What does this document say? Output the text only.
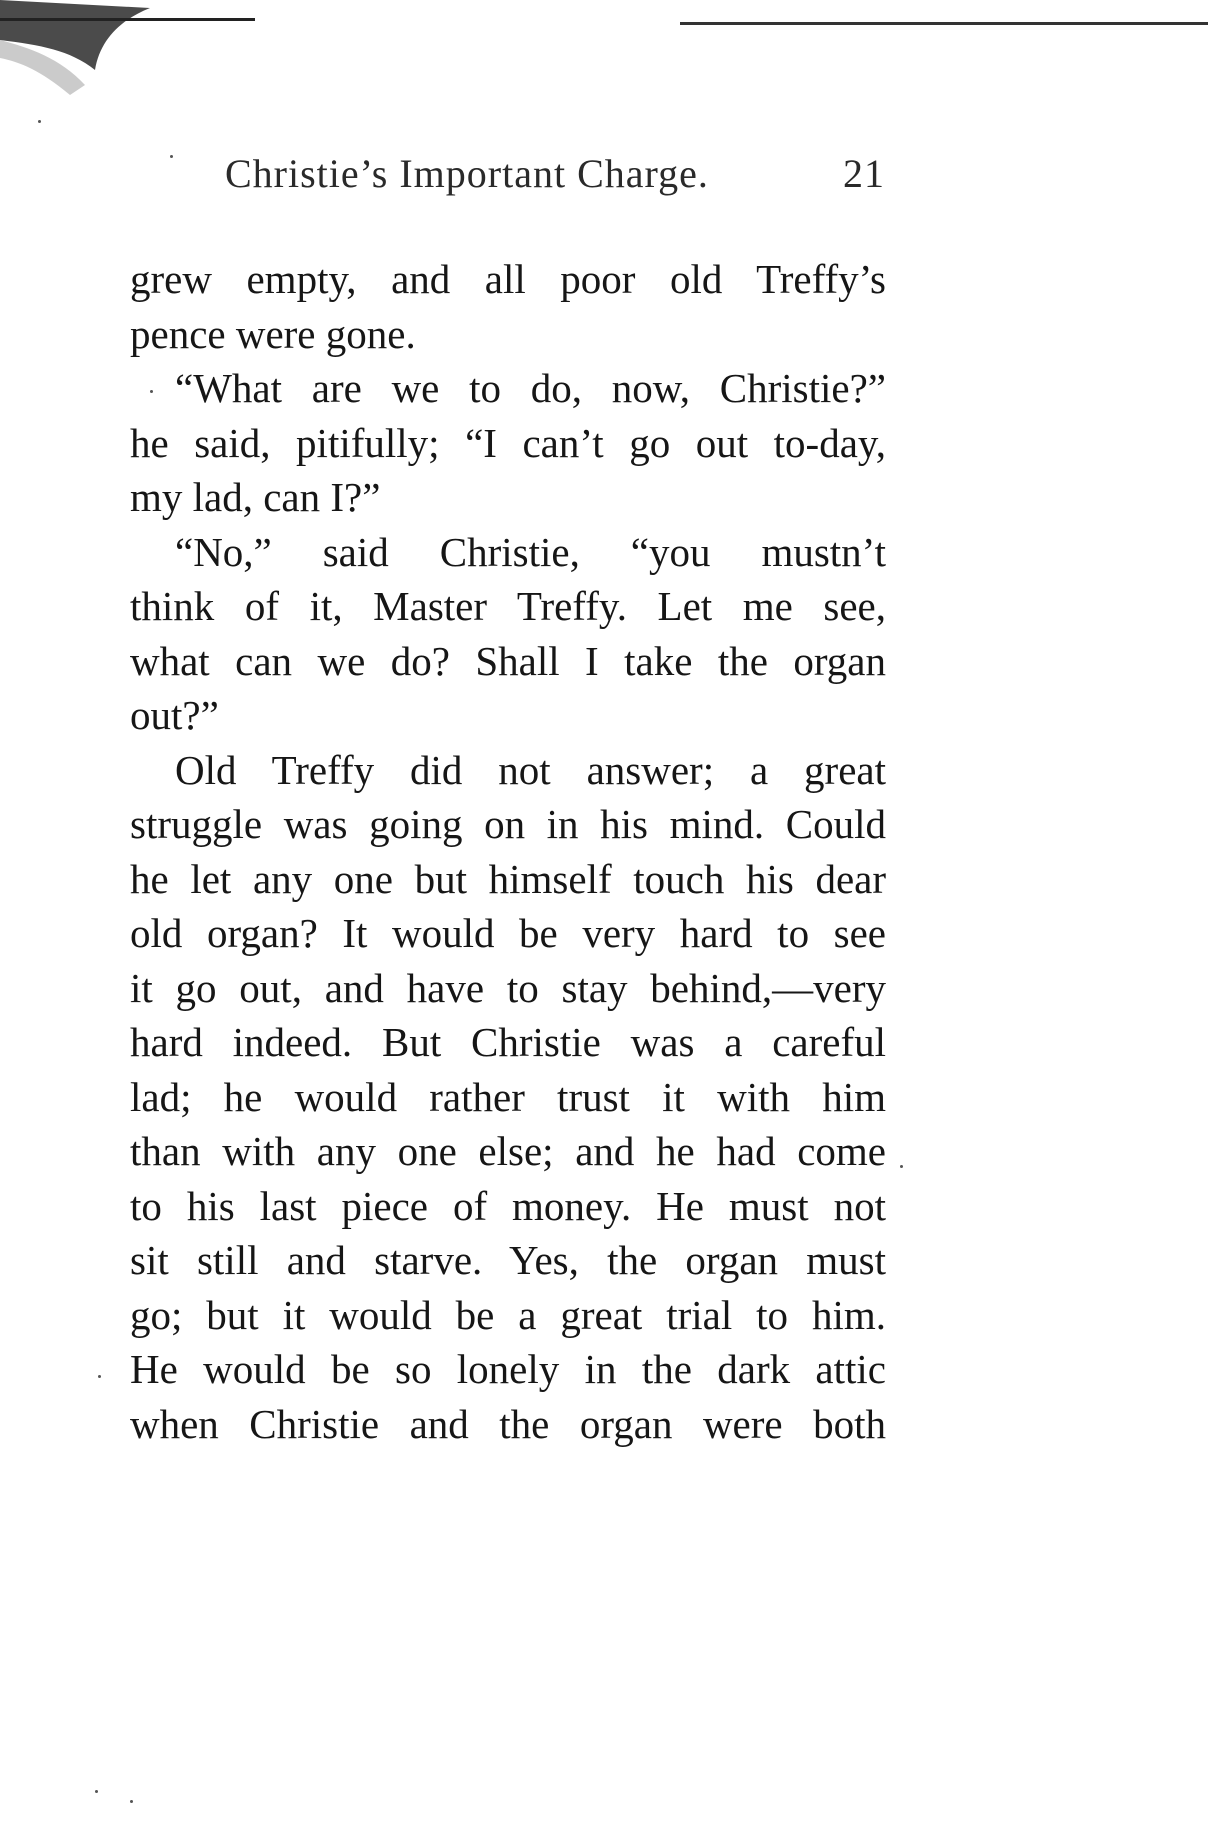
Christie’s Important Charge.	21
grew empty, and all poor old Treffy’s
pence were gone.
“What are we to do, now, Christie?”
he said, pitifully; “I can’t go out to-day,
my lad, can I?”
“No,” said Christie, “you mustn’t
think of it, Master Treffy. Let me see,
what can we do? Shall I take the organ
out?”
Old Treffy did not answer; a great
struggle was going on in his mind. Could
he let any one but himself touch his dear
old organ? It would be very hard to see
it go out, and have to stay behind,—very
hard indeed. But Christie was a careful
lad; he would rather trust it with him
than with any one else; and he had come
to his last piece of money. He must not
sit still and starve. Yes, the organ must
go; but it would be a great trial to him.
He would be so lonely in the dark attic
when Christie and the organ were both
